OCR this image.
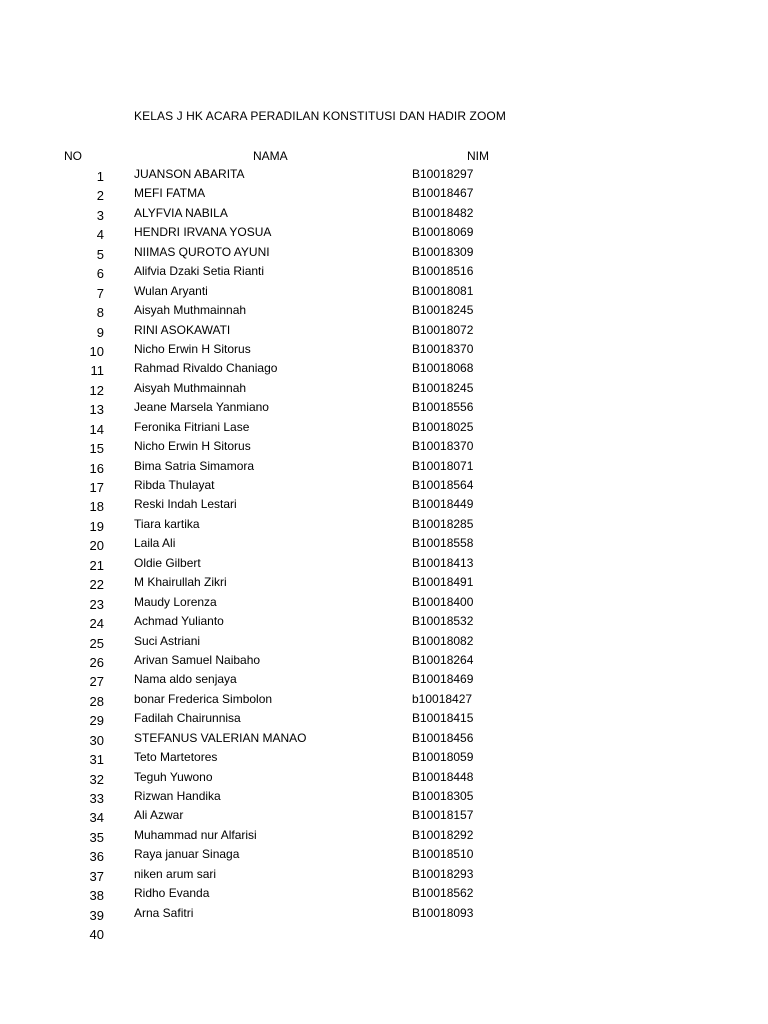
KELAS J HK ACARA PERADILAN KONSTITUSI DAN HADIR ZOOM
NO	NAMA	NIM
1	JUANSON ABARITA	B10018297
2	MEFI FATMA	B10018467
3	ALYFVIA NABILA	B10018482
4	HENDRI IRVANA YOSUA	B10018069
5	NIIMAS QUROTO AYUNI	B10018309
6	Alifvia Dzaki Setia Rianti	B10018516
7	Wulan Aryanti	B10018081
8	Aisyah Muthmainnah	B10018245
9	RINI ASOKAWATI	B10018072
10	Nicho Erwin H Sitorus	B10018370
11	Rahmad Rivaldo Chaniago	B10018068
12	Aisyah Muthmainnah	B10018245
13	Jeane Marsela Yanmiano	B10018556
14	Feronika Fitriani Lase	B10018025
15	Nicho Erwin H Sitorus	B10018370
16	Bima Satria Simamora	B10018071
17	Ribda Thulayat	B10018564
18	Reski Indah Lestari	B10018449
19	Tiara kartika	B10018285
20	Laila Ali	B10018558
21	Oldie Gilbert	B10018413
22	M Khairullah Zikri	B10018491
23	Maudy Lorenza	B10018400
24	Achmad Yulianto	B10018532
25	Suci Astriani	B10018082
26	Arivan Samuel Naibaho	B10018264
27	Nama aldo senjaya	B10018469
28	bonar Frederica Simbolon	b10018427
29	Fadilah Chairunnisa	B10018415
30	STEFANUS VALERIAN MANAO	B10018456
31	Teto Martetores	B10018059
32	Teguh Yuwono	B10018448
33	Rizwan Handika	B10018305
34	Ali Azwar	B10018157
35	Muhammad nur Alfarisi	B10018292
36	Raya januar Sinaga	B10018510
37	niken arum sari	B10018293
38	Ridho Evanda	B10018562
39	Arna Safitri	B10018093
40
